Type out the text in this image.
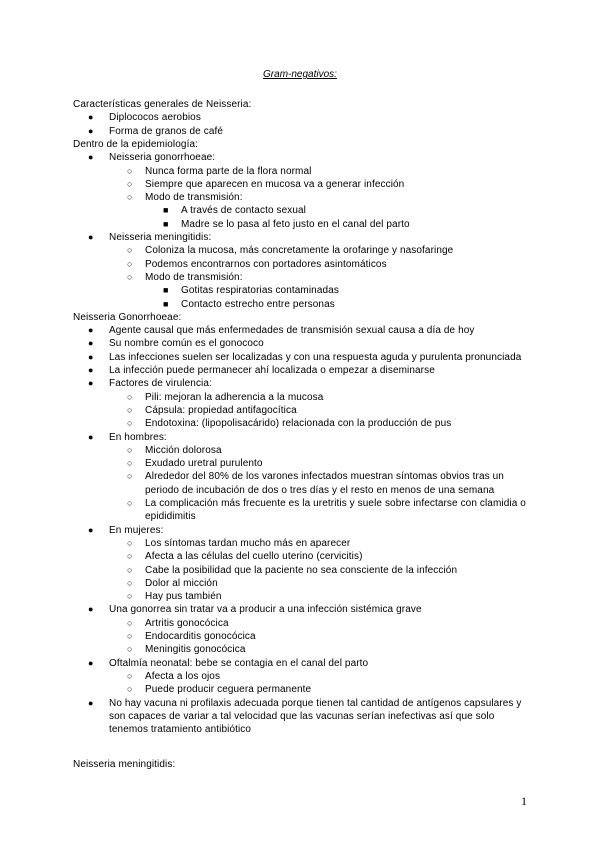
Gram-negativos:
Características generales de Neisseria:
Diplococos aerobios
●
Forma de granos de café
●
Dentro de la epidemiología:
Neisseria gonorrhoeae:
●
Nunca forma parte de la flora normal
○
Siempre que aparecen en mucosa va a generar infección
○
Modo de transmisión:
○
A través de contacto sexual
■
Madre se lo pasa al feto justo en el canal del parto
■
Neisseria meningitidis:
●
Coloniza la mucosa, más concretamente la orofaringe y nasofaringe
○
Podemos encontrarnos con portadores asintomáticos
○
Modo de transmisión:
○
Gotitas respiratorias contaminadas
■
Contacto estrecho entre personas
■
Neisseria Gonorrhoeae:
Agente causal que más enfermedades de transmisión sexual causa a día de hoy
●
Su nombre común es el gonococo
●
Las infecciones suelen ser localizadas y con una respuesta aguda y purulenta pronunciada
●
La infección puede permanecer ahí localizada o empezar a diseminarse
●
Factores de virulencia:
●
Pili: mejoran la adherencia a la mucosa
○
Cápsula: propiedad antifagocítica
○
Endotoxina: (lipopolisacárido) relacionada con la producción de pus
○
En hombres:
●
Micción dolorosa
○
Exudado uretral purulento
○
Alrededor del 80% de los varones infectados muestran síntomas obvios tras un
○
periodo de incubación de dos o tres días y el resto en menos de una semana
La complicación más frecuente es la uretritis y suele sobre infectarse con clamidia o
○
epididimitis
En mujeres:
●
Los síntomas tardan mucho más en aparecer
○
Afecta a las células del cuello uterino (cervicitis)
○
Cabe la posibilidad que la paciente no sea consciente de la infección
○
Dolor al micción
○
Hay pus también
○
Una gonorrea sin tratar va a producir a una infección sistémica grave
●
Artritis gonocócica
○
Endocarditis gonocócica
○
Meningitis gonocócica
○
Oftalmía neonatal: bebe se contagia en el canal del parto
●
Afecta a los ojos
○
Puede producir ceguera permanente
○
No hay vacuna ni profilaxis adecuada porque tienen tal cantidad de antígenos capsulares y
●
son capaces de variar a tal velocidad que las vacunas serían inefectivas así que solo
tenemos tratamiento antibiótico
Neisseria meningitidis:
1
